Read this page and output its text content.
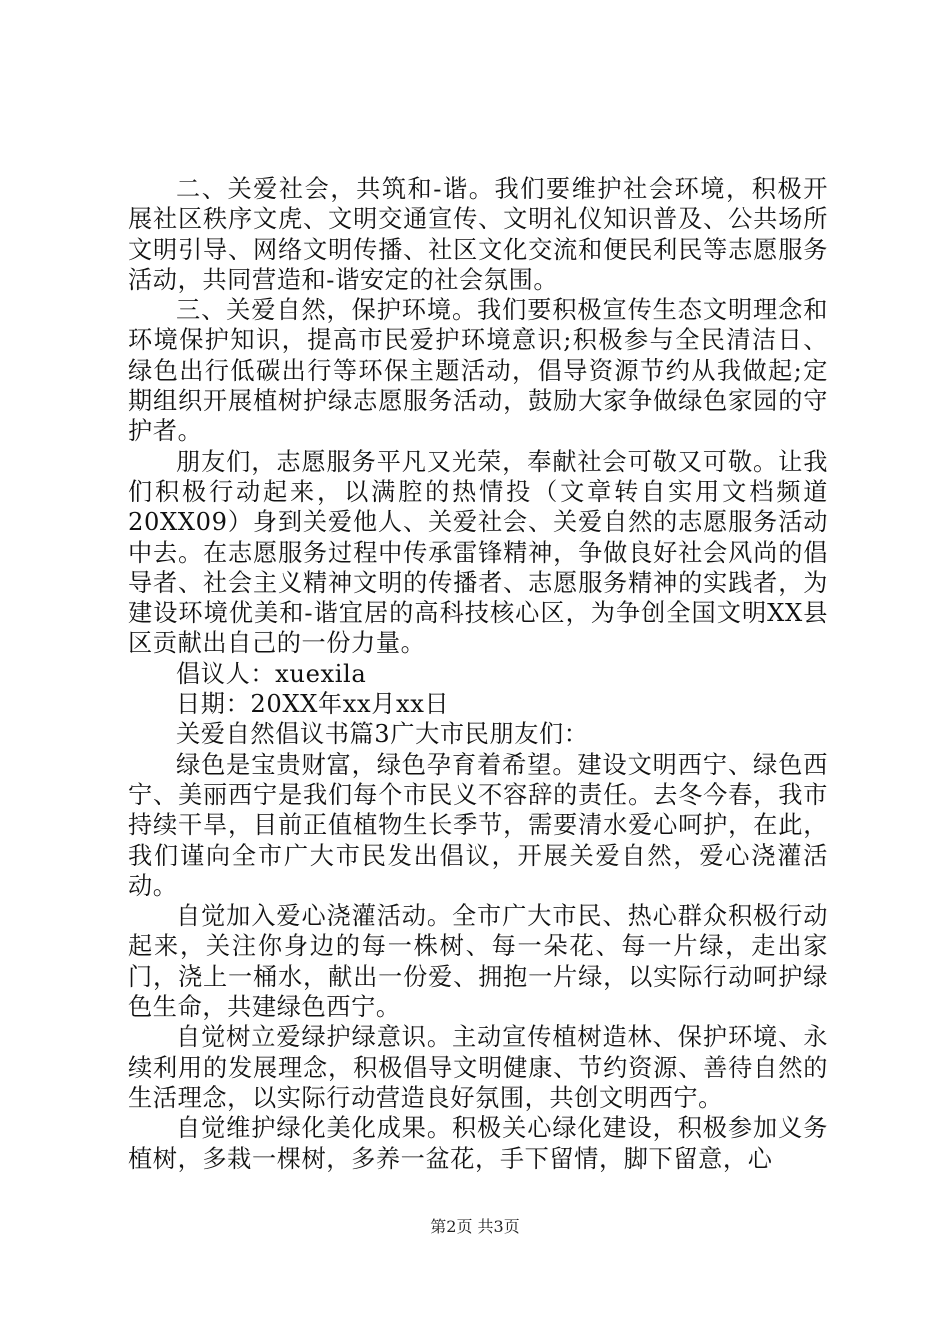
二、关爱社会，共筑和-谐。我们要维护社会环境，积极开展社区秩序文虎、文明交通宣传、文明礼仪知识普及、公共场所文明引导、网络文明传播、社区文化交流和便民利民等志愿服务活动，共同营造和-谐安定的社会氛围。

三、关爱自然，保护环境。我们要积极宣传生态文明理念和环境保护知识，提高市民爱护环境意识;积极参与全民清洁日、绿色出行低碳出行等环保主题活动，倡导资源节约从我做起;定期组织开展植树护绿志愿服务活动，鼓励大家争做绿色家园的守护者。

朋友们，志愿服务平凡又光荣，奉献社会可敬又可敬。让我们积极行动起来，以满腔的热情投（文章转自实用文档频道20XX09）身到关爱他人、关爱社会、关爱自然的志愿服务活动中去。在志愿服务过程中传承雷锋精神，争做良好社会风尚的倡导者、社会主义精神文明的传播者、志愿服务精神的实践者，为建设环境优美和-谐宜居的高科技核心区，为争创全国文明XX县区贡献出自己的一份力量。

倡议人：xuexila

日期：20XX年xx月xx日

关爱自然倡议书篇3广大市民朋友们：

绿色是宝贵财富，绿色孕育着希望。建设文明西宁、绿色西宁、美丽西宁是我们每个市民义不容辞的责任。去冬今春，我市持续干旱，目前正值植物生长季节，需要清水爱心呵护，在此，我们谨向全市广大市民发出倡议，开展关爱自然，爱心浇灌活动。

自觉加入爱心浇灌活动。全市广大市民、热心群众积极行动起来，关注你身边的每一株树、每一朵花、每一片绿，走出家门，浇上一桶水，献出一份爱、拥抱一片绿，以实际行动呵护绿色生命，共建绿色西宁。

自觉树立爱绿护绿意识。主动宣传植树造林、保护环境、永续利用的发展理念，积极倡导文明健康、节约资源、善待自然的生活理念，以实际行动营造良好氛围，共创文明西宁。

自觉维护绿化美化成果。积极关心绿化建设，积极参加义务植树，多栽一棵树，多养一盆花，手下留情，脚下留意，心

第2页 共3页
